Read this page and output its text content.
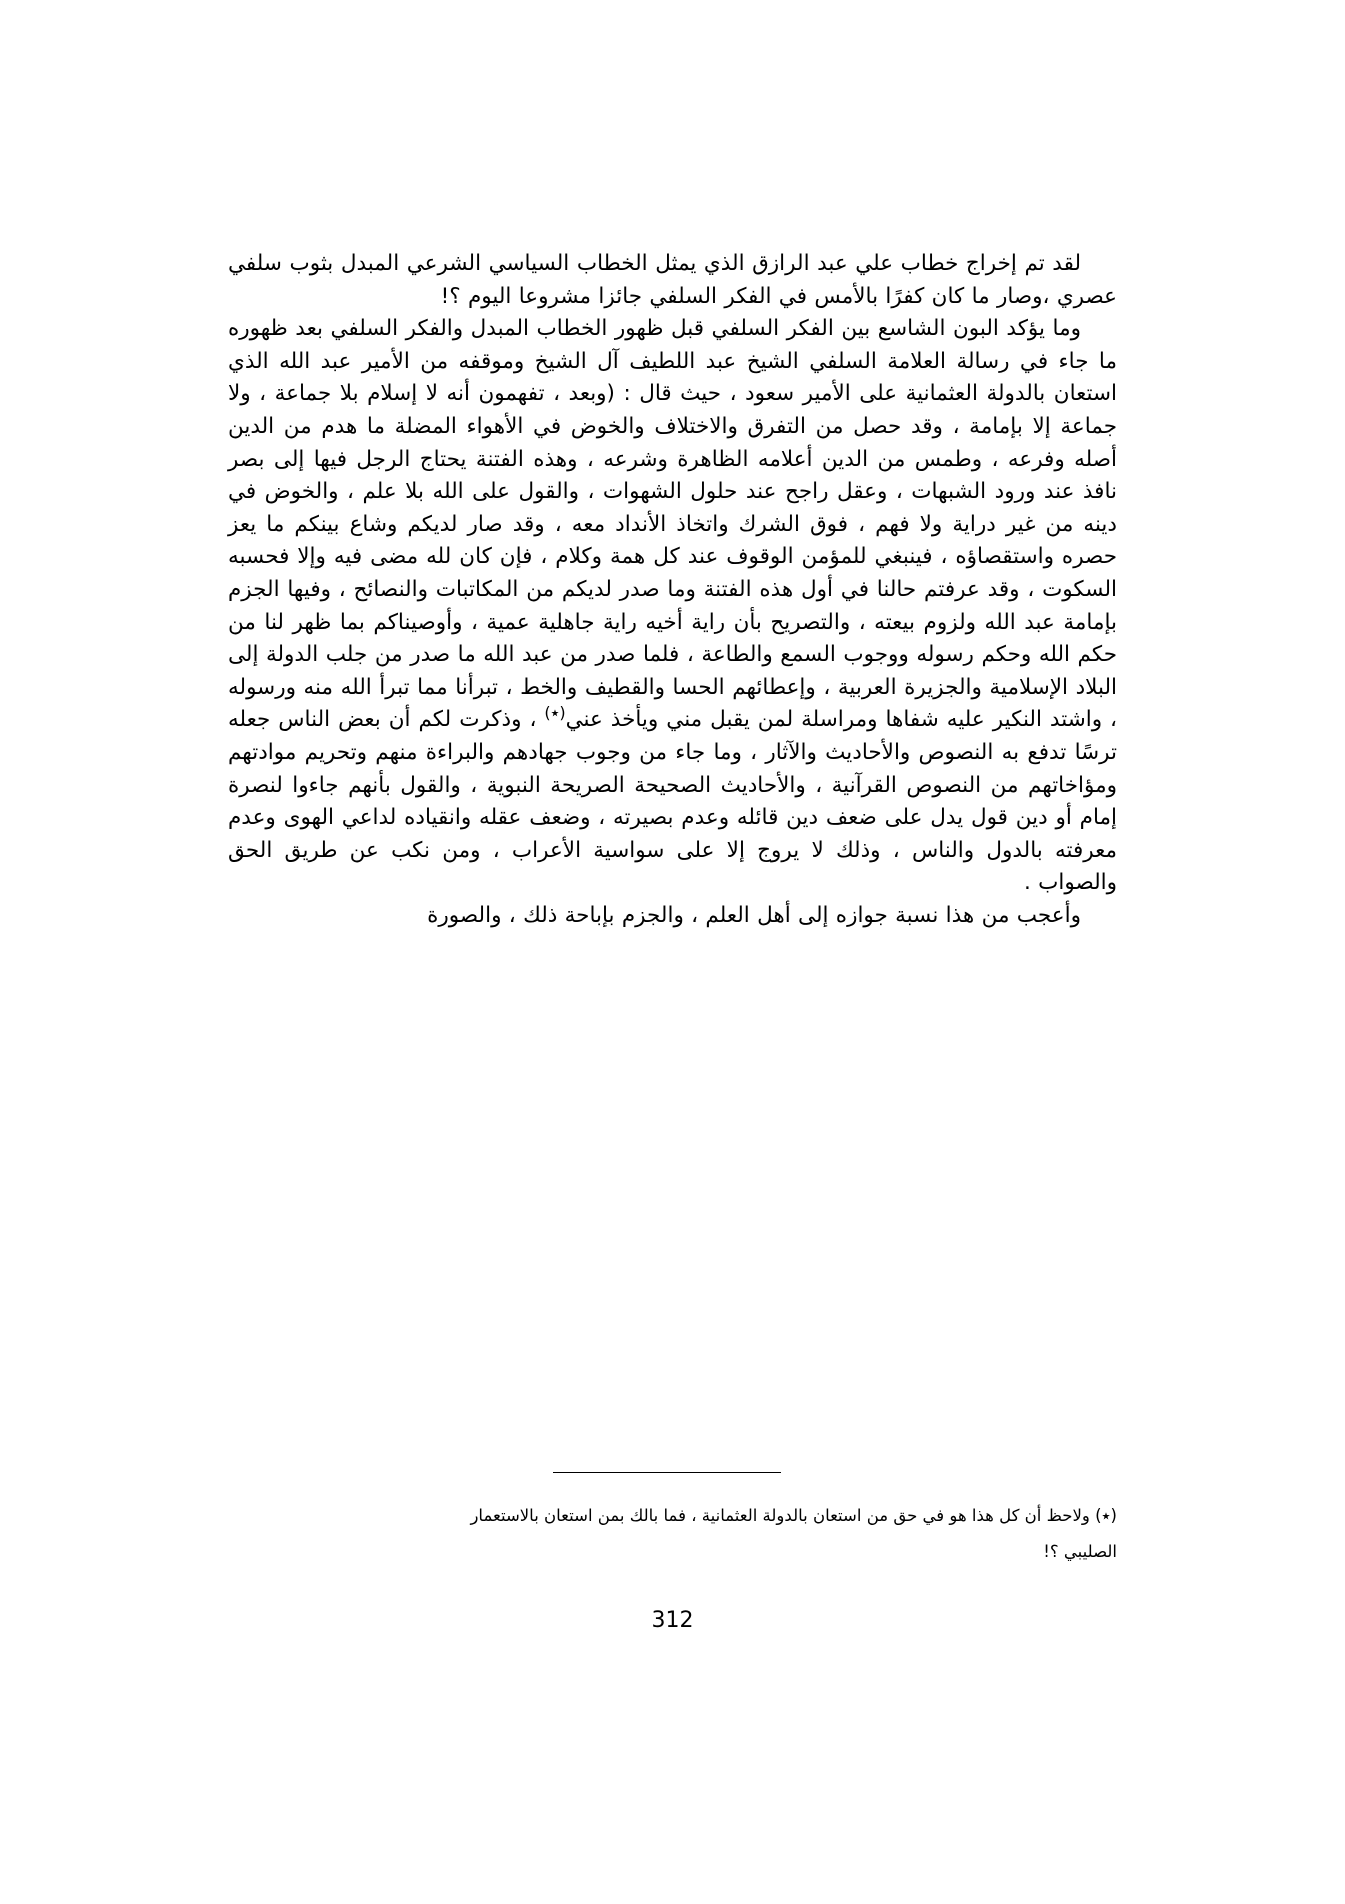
لقد تم إخراج خطاب علي عبد الرازق الذي يمثل الخطاب السياسي الشرعي المبدل بثوب سلفي عصري ،وصار ما كان كفرًا بالأمس في الفكر السلفي جائزا مشروعا اليوم ؟!

وما يؤكد البون الشاسع بين الفكر السلفي قبل ظهور الخطاب المبدل والفكر السلفي بعد ظهوره ما جاء في رسالة العلامة السلفي الشيخ عبد اللطيف آل الشيخ وموقفه من الأمير عبد الله الذي استعان بالدولة العثمانية على الأمير سعود ، حيث قال : (وبعد ، تفهمون أنه لا إسلام بلا جماعة ، ولا جماعة إلا بإمامة ، وقد حصل من التفرق والاختلاف والخوض في الأهواء المضلة ما هدم من الدين أصله وفرعه ، وطمس من الدين أعلامه الظاهرة وشرعه ، وهذه الفتنة يحتاج الرجل فيها إلى بصر نافذ عند ورود الشبهات ، وعقل راجح عند حلول الشهوات ، والقول على الله بلا علم ، والخوض في دينه من غير دراية ولا فهم ، فوق الشرك واتخاذ الأنداد معه ، وقد صار لديكم وشاع بينكم ما يعز حصره واستقصاؤه ، فينبغي للمؤمن الوقوف عند كل همة وكلام ، فإن كان لله مضى فيه وإلا فحسبه السكوت ، وقد عرفتم حالنا في أول هذه الفتنة وما صدر لديكم من المكاتبات والنصائح ، وفيها الجزم بإمامة عبد الله ولزوم بيعته ، والتصريح بأن راية أخيه راية جاهلية عمية ، وأوصيناكم بما ظهر لنا من حكم الله وحكم رسوله ووجوب السمع والطاعة ، فلما صدر من عبد الله ما صدر من جلب الدولة إلى البلاد الإسلامية والجزيرة العربية ، وإعطائهم الحسا والقطيف والخط ، تبرأنا مما تبرأ الله منه ورسوله ، واشتد النكير عليه شفاها ومراسلة لمن يقبل مني ويأخذ عني(٭) ، وذكرت لكم أن بعض الناس جعله ترسًا تدفع به النصوص والأحاديث والآثار ، وما جاء من وجوب جهادهم والبراءة منهم وتحريم موادتهم ومؤاخاتهم من النصوص القرآنية ، والأحاديث الصحيحة الصريحة النبوية ، والقول بأنهم جاءوا لنصرة إمام أو دين قول يدل على ضعف دين قائله وعدم بصيرته ، وضعف عقله وانقياده لداعي الهوى وعدم معرفته بالدول والناس ، وذلك لا يروج إلا على سواسية الأعراب ، ومن نكب عن طريق الحق والصواب .

وأعجب من هذا نسبة جوازه إلى أهل العلم ، والجزم بإباحة ذلك ، والصورة

(٭) ولاحظ أن كل هذا هو في حق من استعان بالدولة العثمانية ، فما بالك بمن استعان بالاستعمار
الصليبي ؟!

312
